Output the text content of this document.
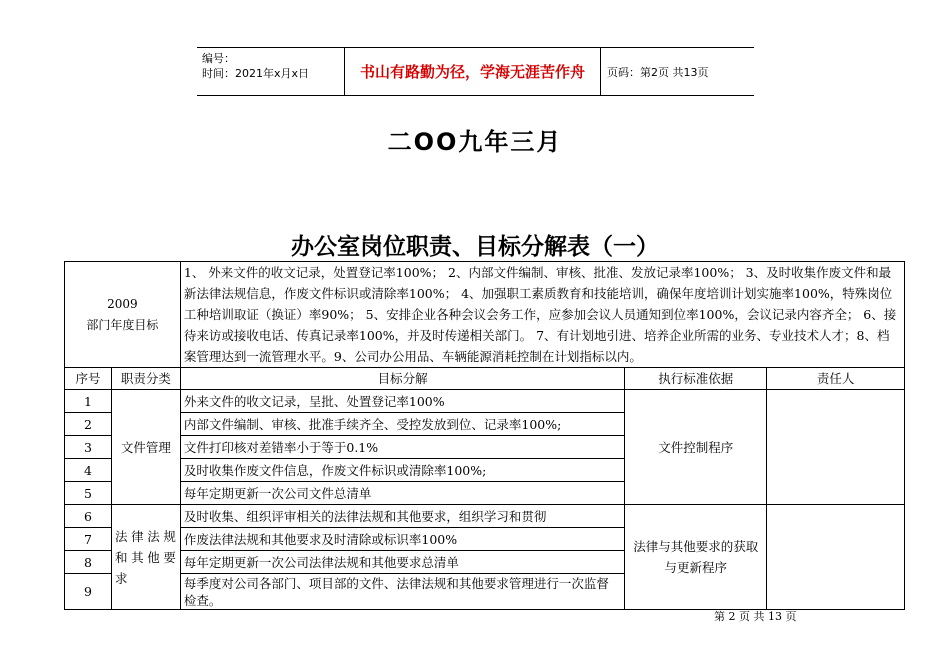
编号：
时间：2021年x月x日	书山有路勤为径，学海无涯苦作舟	页码：第2页 共13页
二OO九年三月
办公室岗位职责、目标分解表（一）
2009
部门年度目标		1、 外来文件的收文记录，处置登记率100%； 2、内部文件编制、审核、批准、发放记录率100%； 3、及时收集作废文件和最新法律法规信息，作废文件标识或清除率100%； 4、加强职工素质教育和技能培训，确保年度培训计划实施率100%，特殊岗位工种培训取证（换证）率90%； 5、安排企业各种会议会务工作，应参加会议人员通知到位率100%，会议记录内容齐全； 6、接待来访或接收电话、传真记录率100%，并及时传递相关部门。 7、有计划地引进、培养企业所需的业务、专业技术人才；8、档案管理达到一流管理水平。9、公司办公用品、车辆能源消耗控制在计划指标以内。		
序号	职责分类	目标分解	执行标准依据	责任人
1	文件管理	外来文件的收文记录，呈批、处置登记率100%	文件控制程序	
2		内部文件编制、审核、批准手续齐全、受控发放到位、记录率100%;		
3		文件打印核对差错率小于等于0.1%		
4		及时收集作废文件信息，作废文件标识或清除率100%;		
5		每年定期更新一次公司文件总清单		
6	法律法规和其他要求	及时收集、组织评审相关的法律法规和其他要求，组织学习和贯彻	法律与其他要求的获取与更新程序	
7		作废法律法规和其他要求及时清除或标识率100%		
8		每年定期更新一次公司法律法规和其他要求总清单		
9		每季度对公司各部门、项目部的文件、法律法规和其他要求管理进行一次监督检查。		
第 2 页 共 13 页
